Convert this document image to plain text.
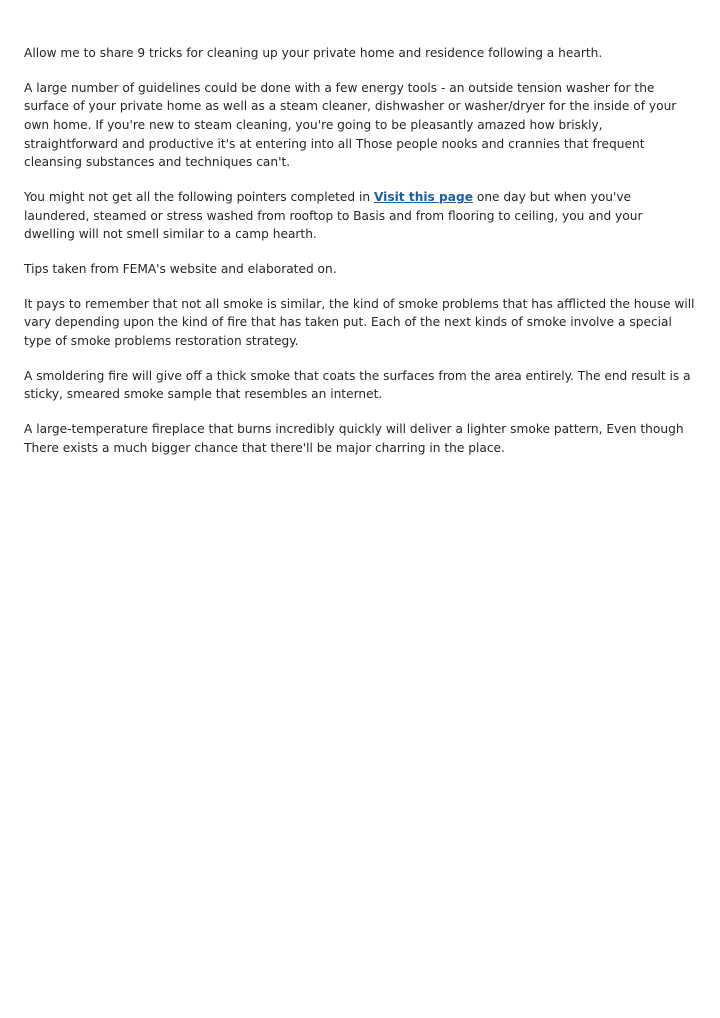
Allow me to share 9 tricks for cleaning up your private home and residence following a hearth.

A large number of guidelines could be done with a few energy tools - an outside tension washer for the surface of your private home as well as a steam cleaner, dishwasher or washer/dryer for the inside of your own home. If you're new to steam cleaning, you're going to be pleasantly amazed how briskly, straightforward and productive it's at entering into all Those people nooks and crannies that frequent cleansing substances and techniques can't.

You might not get all the following pointers completed in Visit this page one day but when you've laundered, steamed or stress washed from rooftop to Basis and from flooring to ceiling, you and your dwelling will not smell similar to a camp hearth.

Tips taken from FEMA's website and elaborated on.

It pays to remember that not all smoke is similar, the kind of smoke problems that has afflicted the house will vary depending upon the kind of fire that has taken put. Each of the next kinds of smoke involve a special type of smoke problems restoration strategy.

A smoldering fire will give off a thick smoke that coats the surfaces from the area entirely. The end result is a sticky, smeared smoke sample that resembles an internet.

A large-temperature fireplace that burns incredibly quickly will deliver a lighter smoke pattern, Even though There exists a much bigger chance that there'll be major charring in the place.
